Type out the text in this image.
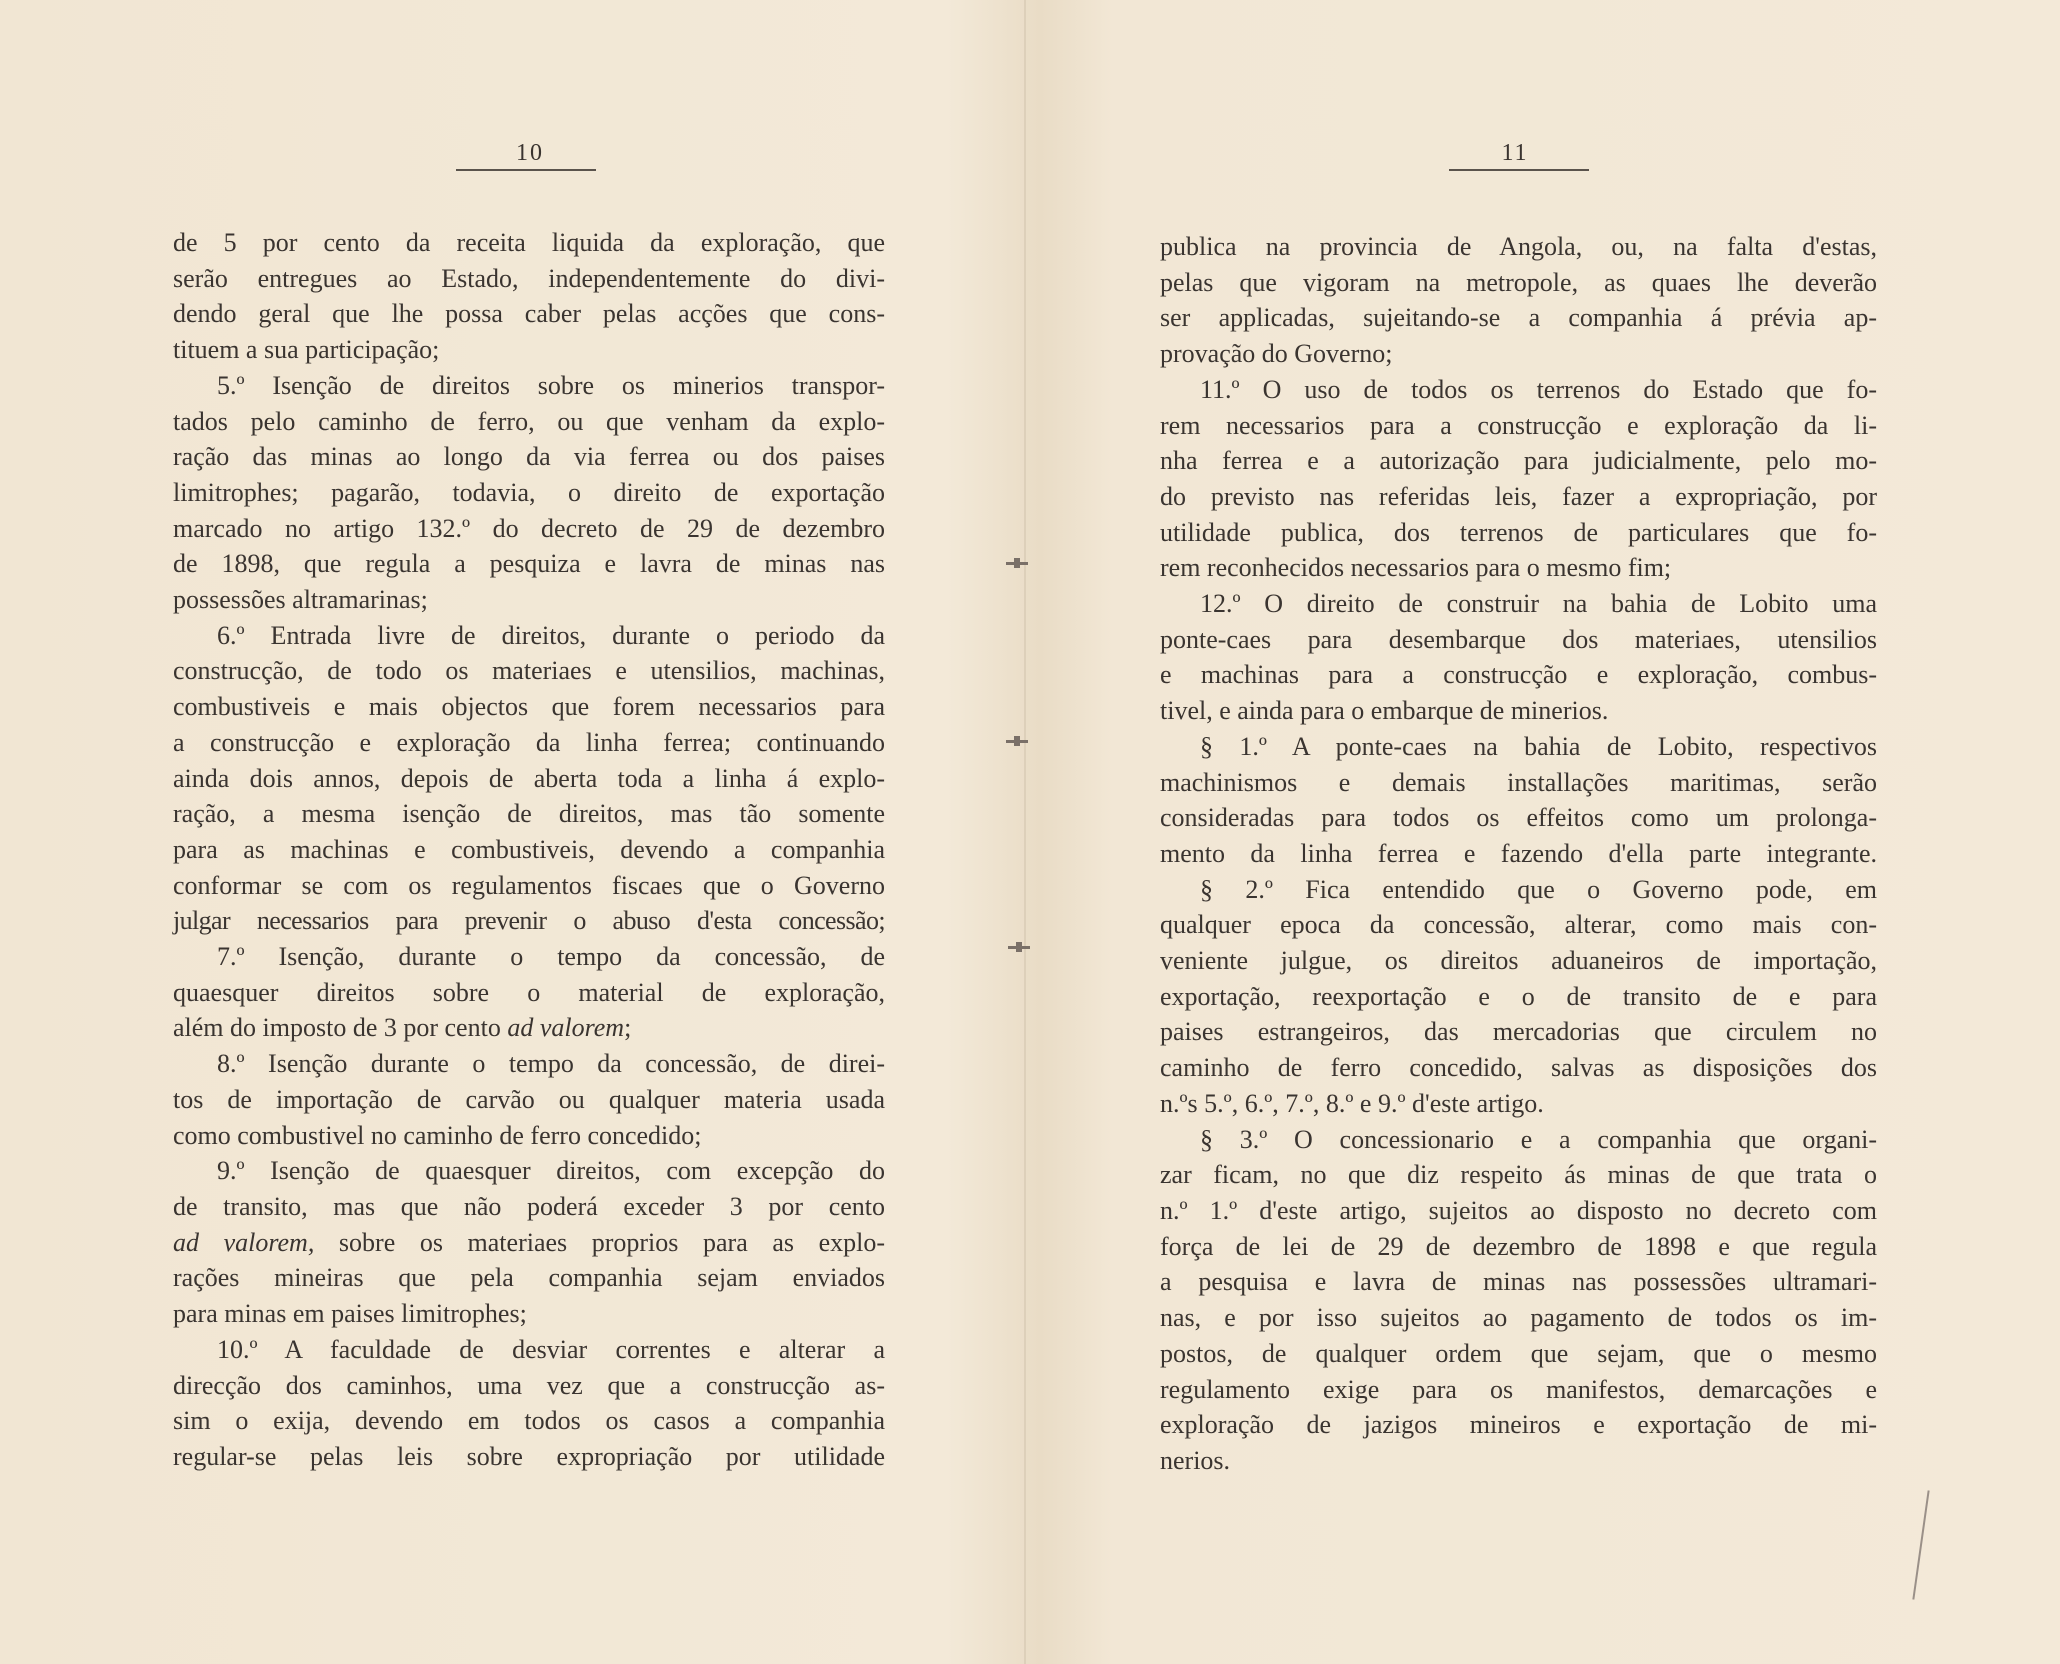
10

de 5 por cento da receita liquida da exploração, que

serão entregues ao Estado, independentemente do divi-

dendo geral que lhe possa caber pelas acções que cons-

tituem a sua participação;

5.º Isenção de direitos sobre os minerios transpor-

tados pelo caminho de ferro, ou que venham da explo-

ração das minas ao longo da via ferrea ou dos paises

limitrophes; pagarão, todavia, o direito de exportação

marcado no artigo 132.º do decreto de 29 de dezembro

de 1898, que regula a pesquiza e lavra de minas nas

possessões altramarinas;

6.º Entrada livre de direitos, durante o periodo da

construcção, de todo os materiaes e utensilios, machinas,

combustiveis e mais objectos que forem necessarios para

a construcção e exploração da linha ferrea; continuando

ainda dois annos, depois de aberta toda a linha á explo-

ração, a mesma isenção de direitos, mas tão somente

para as machinas e combustiveis, devendo a companhia

conformar se com os regulamentos fiscaes que o Governo

julgar necessarios para prevenir o abuso d'esta concessão;

7.º Isenção, durante o tempo da concessão, de

quaesquer direitos sobre o material de exploração,

além do imposto de 3 por cento ad valorem;

8.º Isenção durante o tempo da concessão, de direi-

tos de importação de carvão ou qualquer materia usada

como combustivel no caminho de ferro concedido;

9.º Isenção de quaesquer direitos, com excepção do

de transito, mas que não poderá exceder 3 por cento

ad valorem, sobre os materiaes proprios para as explo-

rações mineiras que pela companhia sejam enviados

para minas em paises limitrophes;

10.º A faculdade de desviar correntes e alterar a

direcção dos caminhos, uma vez que a construcção as-

sim o exija, devendo em todos os casos a companhia

regular-se pelas leis sobre expropriação por utilidade

11

publica na provincia de Angola, ou, na falta d'estas,

pelas que vigoram na metropole, as quaes lhe deverão

ser applicadas, sujeitando-se a companhia á prévia ap-

provação do Governo;

11.º O uso de todos os terrenos do Estado que fo-

rem necessarios para a construcção e exploração da li-

nha ferrea e a autorização para judicialmente, pelo mo-

do previsto nas referidas leis, fazer a expropriação, por

utilidade publica, dos terrenos de particulares que fo-

rem reconhecidos necessarios para o mesmo fim;

12.º O direito de construir na bahia de Lobito uma

ponte-caes para desembarque dos materiaes, utensilios

e machinas para a construcção e exploração, combus-

tivel, e ainda para o embarque de minerios.

§ 1.º A ponte-caes na bahia de Lobito, respectivos

machinismos e demais installações maritimas, serão

consideradas para todos os effeitos como um prolonga-

mento da linha ferrea e fazendo d'ella parte integrante.

§ 2.º Fica entendido que o Governo pode, em

qualquer epoca da concessão, alterar, como mais con-

veniente julgue, os direitos aduaneiros de importação,

exportação, reexportação e o de transito de e para

paises estrangeiros, das mercadorias que circulem no

caminho de ferro concedido, salvas as disposições dos

n.ºs 5.º, 6.º, 7.º, 8.º e 9.º d'este artigo.

§ 3.º O concessionario e a companhia que organi-

zar ficam, no que diz respeito ás minas de que trata o

n.º 1.º d'este artigo, sujeitos ao disposto no decreto com

força de lei de 29 de dezembro de 1898 e que regula

a pesquisa e lavra de minas nas possessões ultramari-

nas, e por isso sujeitos ao pagamento de todos os im-

postos, de qualquer ordem que sejam, que o mesmo

regulamento exige para os manifestos, demarcações e

exploração de jazigos mineiros e exportação de mi-

nerios.
